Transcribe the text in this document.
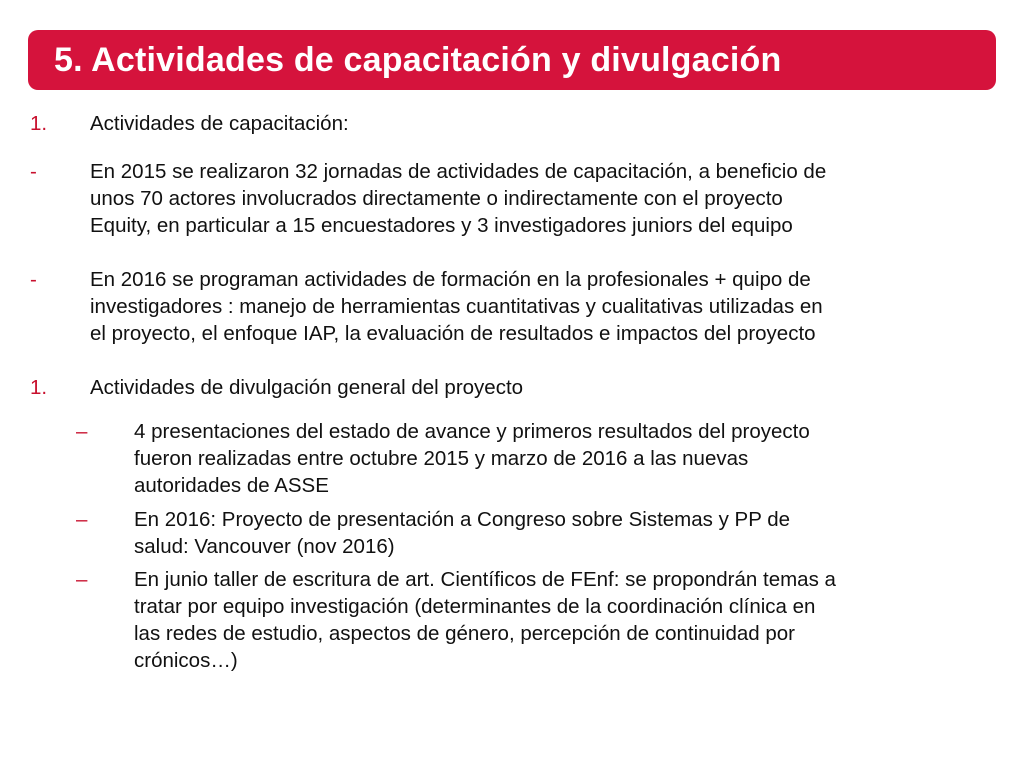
5. Actividades de capacitación y divulgación
1. Actividades de capacitación:
-	En 2015 se realizaron 32 jornadas de actividades de capacitación, a beneficio de
unos 70 actores involucrados directamente o indirectamente con el proyecto
Equity, en particular a 15 encuestadores y 3 investigadores juniors del equipo
-	En 2016 se programan actividades de formación en la profesionales + quipo de
investigadores : manejo de herramientas cuantitativas y cualitativas utilizadas en
el proyecto, el enfoque IAP, la evaluación de resultados e impactos del proyecto
1. Actividades de divulgación general del proyecto
– 4 presentaciones del estado de avance y primeros resultados del proyecto
fueron realizadas entre octubre 2015 y marzo de 2016 a las nuevas
autoridades de ASSE
– En 2016: Proyecto de presentación a Congreso sobre Sistemas y PP de
salud: Vancouver (nov 2016)
– En junio taller de escritura de art. Científicos de FEnf: se propondrán temas a
tratar por equipo investigación (determinantes de la coordinación clínica en
las redes de estudio, aspectos de género, percepción de continuidad por
crónicos…)
